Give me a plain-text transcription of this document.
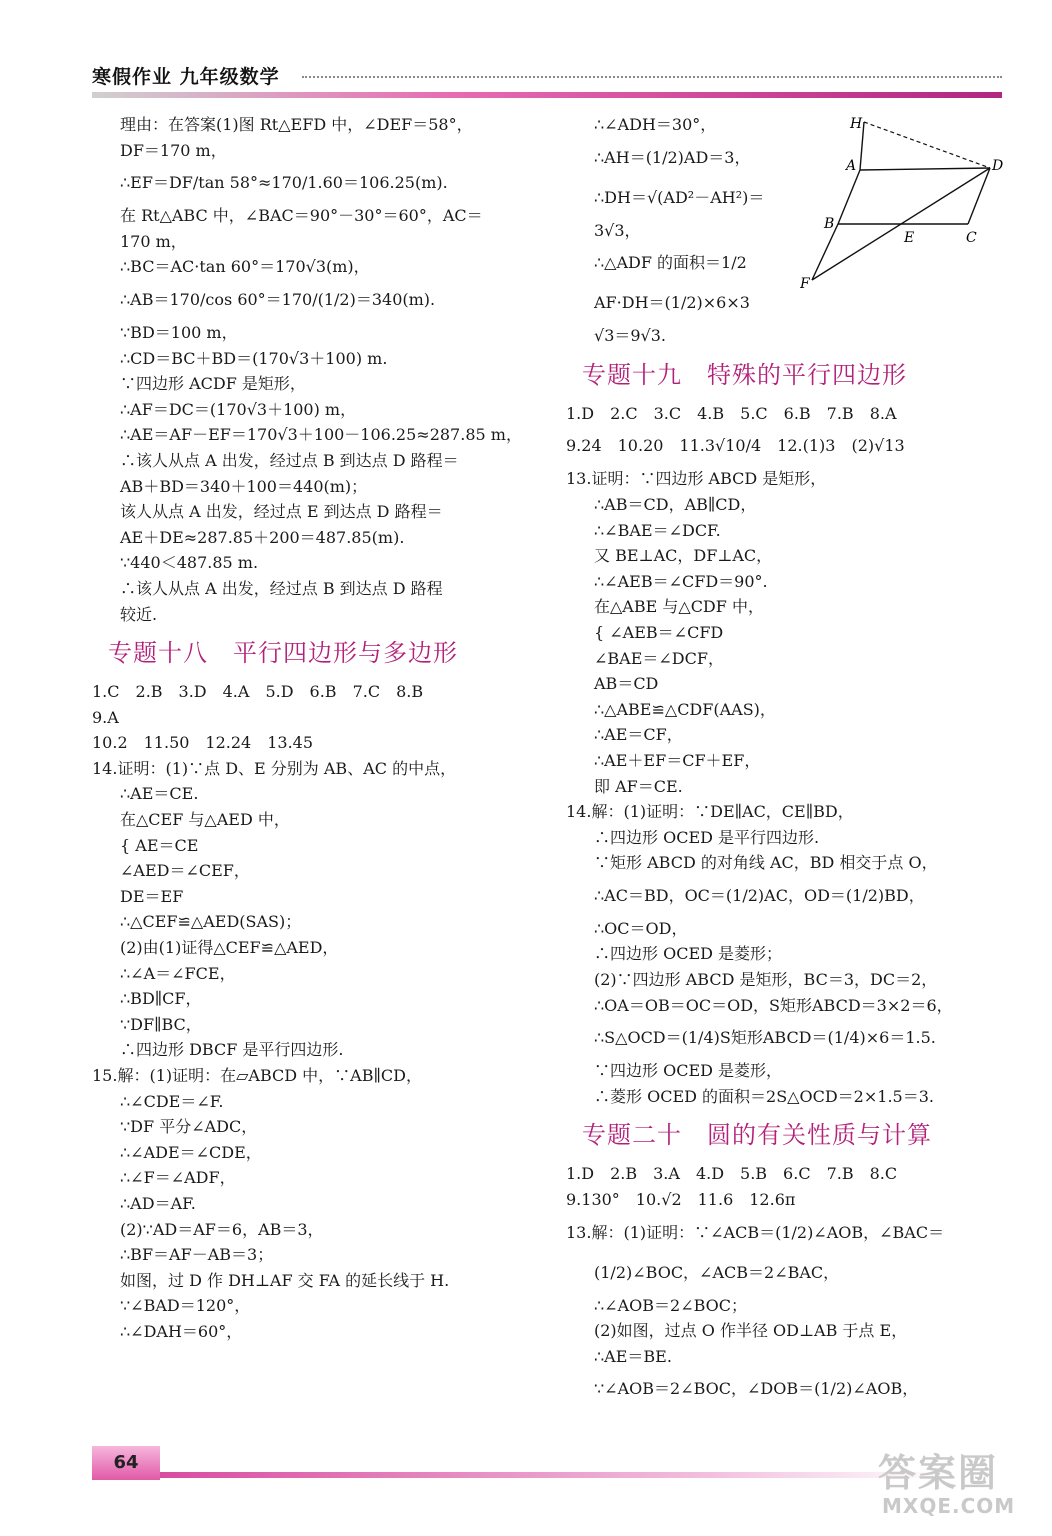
寒假作业 九年级数学
理由：在答案(1)图 Rt△EFD 中，∠DEF＝58°，
DF＝170 m，
∴EF＝DF/tan 58°≈170/1.60＝106.25(m).
在 Rt△ABC 中，∠BAC＝90°－30°＝60°，AC＝
170 m，
∴BC＝AC·tan 60°＝170√3(m)，
∴AB＝170/cos 60°＝170/(1/2)＝340(m).
∵BD＝100 m，
∴CD＝BC＋BD＝(170√3＋100) m.
∵四边形 ACDF 是矩形，
∴AF＝DC＝(170√3＋100) m，
∴AE＝AF－EF＝170√3＋100－106.25≈287.85 m，
∴该人从点 A 出发，经过点 B 到达点 D 路程＝
AB＋BD＝340＋100＝440(m)；
该人从点 A 出发，经过点 E 到达点 D 路程＝
AE＋DE≈287.85＋200＝487.85(m).
∵440＜487.85 m.
∴该人从点 A 出发，经过点 B 到达点 D 路程
较近.
专题十八　平行四边形与多边形
1.C　2.B　3.D　4.A　5.D　6.B　7.C　8.B
9.A
10.2　11.50　12.24　13.45
14.证明：(1)∵点 D、E 分别为 AB、AC 的中点，
∴AE＝CE.
在△CEF 与△AED 中，
{ AE＝CE
∠AED＝∠CEF，
DE＝EF
∴△CEF≌△AED(SAS)；
(2)由(1)证得△CEF≌△AED，
∴∠A＝∠FCE，
∴BD∥CF，
∵DF∥BC，
∴四边形 DBCF 是平行四边形.
15.解：(1)证明：在▱ABCD 中，∵AB∥CD，
∴∠CDE＝∠F.
∵DF 平分∠ADC，
∴∠ADE＝∠CDE，
∴∠F＝∠ADF，
∴AD＝AF.
(2)∵AD＝AF＝6，AB＝3，
∴BF＝AF－AB＝3；
如图，过 D 作 DH⊥AF 交 FA 的延长线于 H.
∵∠BAD＝120°，
∴∠DAH＝60°，
∴∠ADH＝30°，
∴AH＝(1/2)AD＝3，
∴DH＝√(AD²－AH²)＝
3√3，
∴△ADF 的面积＝1/2
AF·DH＝(1/2)×6×3
√3＝9√3.
专题十九　特殊的平行四边形
1.D　2.C　3.C　4.B　5.C　6.B　7.B　8.A
9.24　10.20　11.3√10/4　12.(1)3　(2)√13
13.证明：∵四边形 ABCD 是矩形，
∴AB＝CD，AB∥CD，
∴∠BAE＝∠DCF.
又 BE⊥AC，DF⊥AC，
∴∠AEB＝∠CFD＝90°.
在△ABE 与△CDF 中，
{ ∠AEB＝∠CFD
∠BAE＝∠DCF，
AB＝CD
∴△ABE≌△CDF(AAS)，
∴AE＝CF，
∴AE＋EF＝CF＋EF，
即 AF＝CE.
14.解：(1)证明：∵DE∥AC，CE∥BD，
∴四边形 OCED 是平行四边形.
∵矩形 ABCD 的对角线 AC，BD 相交于点 O，
∴AC＝BD，OC＝(1/2)AC，OD＝(1/2)BD，
∴OC＝OD，
∴四边形 OCED 是菱形；
(2)∵四边形 ABCD 是矩形，BC＝3，DC＝2，
∴OA＝OB＝OC＝OD，S矩形ABCD＝3×2＝6，
∴S△OCD＝(1/4)S矩形ABCD＝(1/4)×6＝1.5.
∵四边形 OCED 是菱形，
∴菱形 OCED 的面积＝2S△OCD＝2×1.5＝3.
专题二十　圆的有关性质与计算
1.D　2.B　3.A　4.D　5.B　6.C　7.B　8.C
9.130°　10.√2　11.6　12.6π
13.解：(1)证明：∵∠ACB＝(1/2)∠AOB，∠BAC＝
(1/2)∠BOC，∠ACB＝2∠BAC，
∴∠AOB＝2∠BOC；
(2)如图，过点 O 作半径 OD⊥AB 于点 E，
∴AE＝BE.
∵∠AOB＝2∠BOC，∠DOB＝(1/2)∠AOB，
H
A	D
B
E	C
F
64	答案圈
MXQE.COM
